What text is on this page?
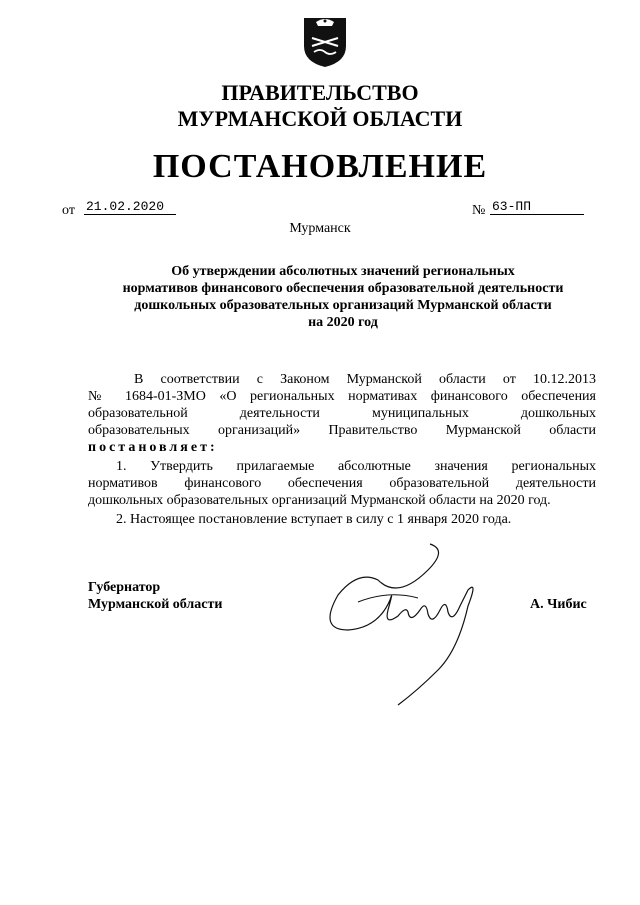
ПРАВИТЕЛЬСТВО
МУРМАНСКОЙ ОБЛАСТИ
ПОСТАНОВЛЕНИЕ
от 21.02.2020	№ 63-ПП
Мурманск
Об утверждении абсолютных значений региональных
нормативов финансового обеспечения образовательной деятельности
дошкольных образовательных организаций Мурманской области
на 2020 год
В соответствии с Законом Мурманской области от 10.12.2013
№ 1684-01-ЗМО «О региональных нормативах финансового обеспечения
образовательной деятельности муниципальных дошкольных
образовательных организаций» Правительство Мурманской области
постановляет:
1. Утвердить прилагаемые абсолютные значения региональных
нормативов финансового обеспечения образовательной деятельности
дошкольных образовательных организаций Мурманской области на 2020 год.
2. Настоящее постановление вступает в силу с 1 января 2020 года.
Губернатор
Мурманской области	А. Чибис
